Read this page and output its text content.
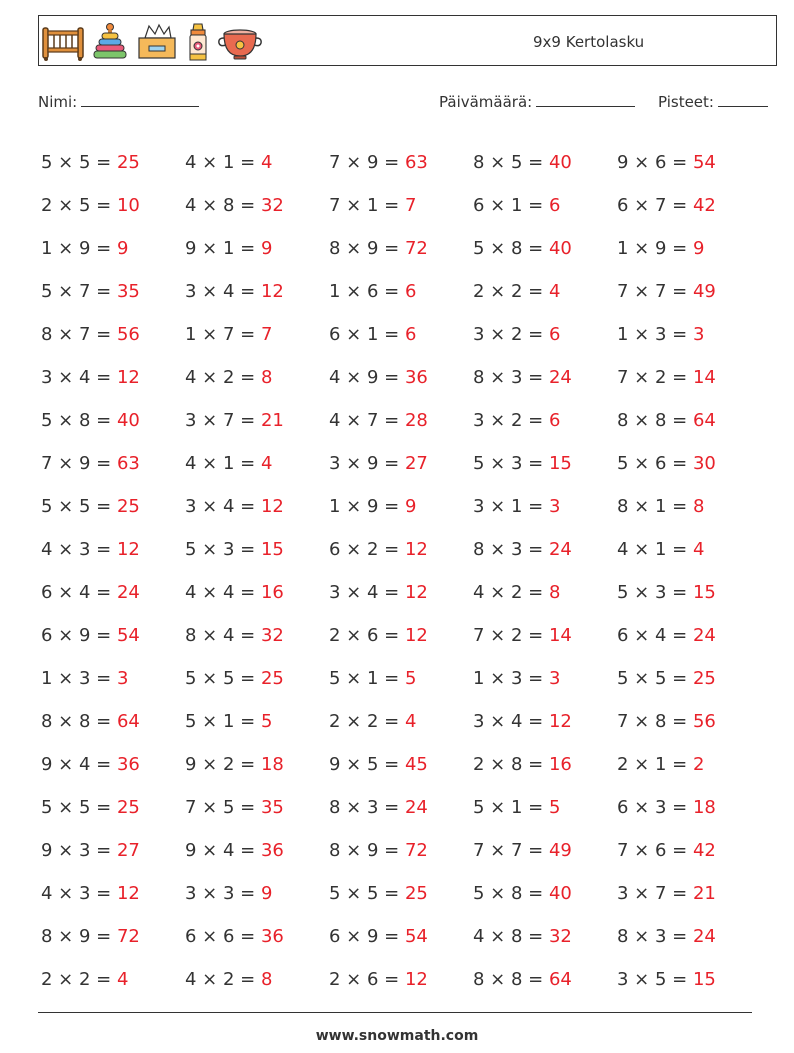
9x9 Kertolasku
Nimi:	Päivämäärä:	Pisteet:
5 × 5 = 25	4 × 1 = 4	7 × 9 = 63	8 × 5 = 40	9 × 6 = 54
2 × 5 = 10	4 × 8 = 32	7 × 1 = 7	6 × 1 = 6	6 × 7 = 42
1 × 9 = 9	9 × 1 = 9	8 × 9 = 72	5 × 8 = 40	1 × 9 = 9
5 × 7 = 35	3 × 4 = 12	1 × 6 = 6	2 × 2 = 4	7 × 7 = 49
8 × 7 = 56	1 × 7 = 7	6 × 1 = 6	3 × 2 = 6	1 × 3 = 3
3 × 4 = 12	4 × 2 = 8	4 × 9 = 36	8 × 3 = 24	7 × 2 = 14
5 × 8 = 40	3 × 7 = 21	4 × 7 = 28	3 × 2 = 6	8 × 8 = 64
7 × 9 = 63	4 × 1 = 4	3 × 9 = 27	5 × 3 = 15	5 × 6 = 30
5 × 5 = 25	3 × 4 = 12	1 × 9 = 9	3 × 1 = 3	8 × 1 = 8
4 × 3 = 12	5 × 3 = 15	6 × 2 = 12	8 × 3 = 24	4 × 1 = 4
6 × 4 = 24	4 × 4 = 16	3 × 4 = 12	4 × 2 = 8	5 × 3 = 15
6 × 9 = 54	8 × 4 = 32	2 × 6 = 12	7 × 2 = 14	6 × 4 = 24
1 × 3 = 3	5 × 5 = 25	5 × 1 = 5	1 × 3 = 3	5 × 5 = 25
8 × 8 = 64	5 × 1 = 5	2 × 2 = 4	3 × 4 = 12	7 × 8 = 56
9 × 4 = 36	9 × 2 = 18	9 × 5 = 45	2 × 8 = 16	2 × 1 = 2
5 × 5 = 25	7 × 5 = 35	8 × 3 = 24	5 × 1 = 5	6 × 3 = 18
9 × 3 = 27	9 × 4 = 36	8 × 9 = 72	7 × 7 = 49	7 × 6 = 42
4 × 3 = 12	3 × 3 = 9	5 × 5 = 25	5 × 8 = 40	3 × 7 = 21
8 × 9 = 72	6 × 6 = 36	6 × 9 = 54	4 × 8 = 32	8 × 3 = 24
2 × 2 = 4	4 × 2 = 8	2 × 6 = 12	8 × 8 = 64	3 × 5 = 15
www.snowmath.com
